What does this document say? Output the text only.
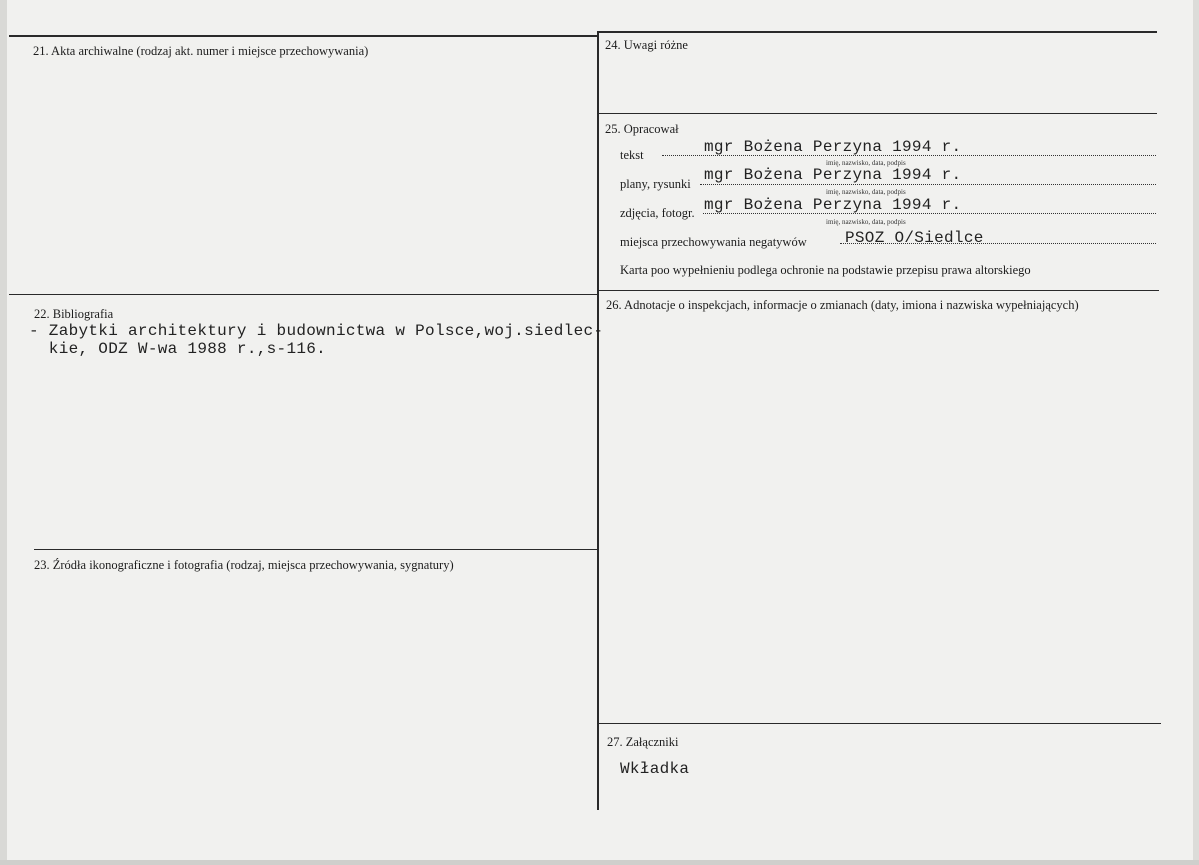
21. Akta archiwalne (rodzaj akt. numer i miejsce przechowywania)	24. Uwagi różne
25. Opracował
tekst	mgr Bożena Perzyna 1994 r.
imię, nazwisko, data, podpis
plany, rysunki mgr Bożena Perzyna 1994 r.
imię, nazwisko, data, podpis
zdjęcia, fotogr. mgr Bożena Perzyna 1994 r.
imię, nazwisko, data, podpis
miejsca przechowywania negatywów PSOZ O/Siedlce
Karta poo wypełnieniu podlega ochronie na podstawie przepisu prawa altorskiego
22. Bibliografia
- Zabytki architektury i budownictwa w Polsce,woj.siedlec-
kie, ODZ W-wa 1988 r.,s-116.
26. Adnotacje o inspekcjach, informacje o zmianach (daty, imiona i nazwiska wypełniających)
23. Źródła ikonograficzne i fotografia (rodzaj, miejsca przechowywania, sygnatury)
27. Załączniki
Wkładka
